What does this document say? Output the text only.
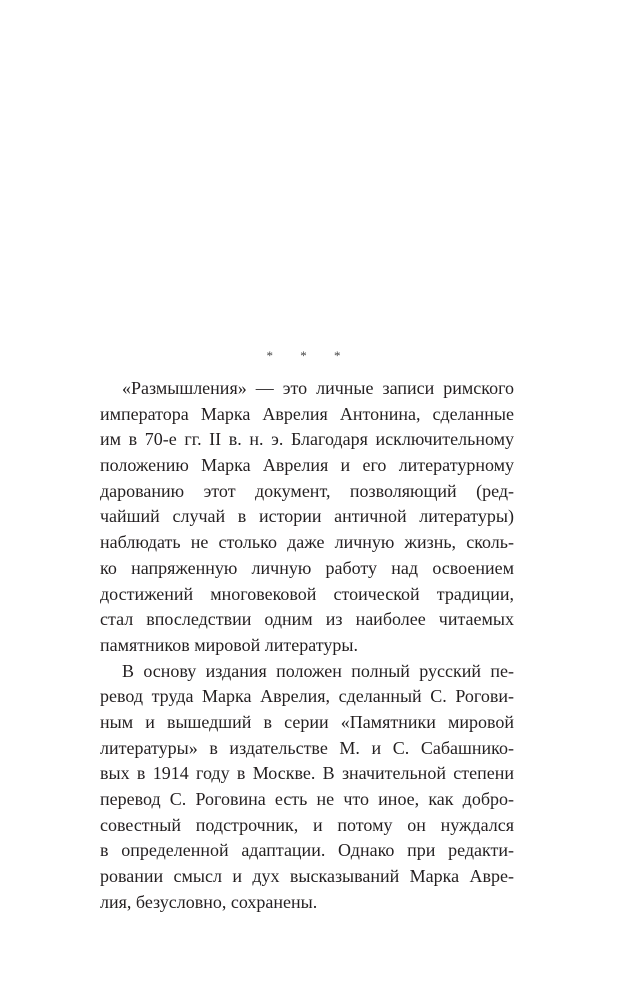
* * *
«Размышления» — это личные записи римского
императора Марка Аврелия Антонина, сделанные
им в 70-е гг. II в. н. э. Благодаря исключительному
положению Марка Аврелия и его литературному
дарованию этот документ, позволяющий (ред-
чайший случай в истории античной литературы)
наблюдать не столько даже личную жизнь, сколь-
ко напряженную личную работу над освоением
достижений многовековой стоической традиции,
стал впоследствии одним из наиболее читаемых
памятников мировой литературы.
В основу издания положен полный русский пе-
ревод труда Марка Аврелия, сделанный С. Рогови-
ным и вышедший в серии «Памятники мировой
литературы» в издательстве М. и С. Сабашнико-
вых в 1914 году в Москве. В значительной степени
перевод С. Роговина есть не что иное, как добро-
совестный подстрочник, и потому он нуждался
в определенной адаптации. Однако при редакти-
ровании смысл и дух высказываний Марка Авре-
лия, безусловно, сохранены.
